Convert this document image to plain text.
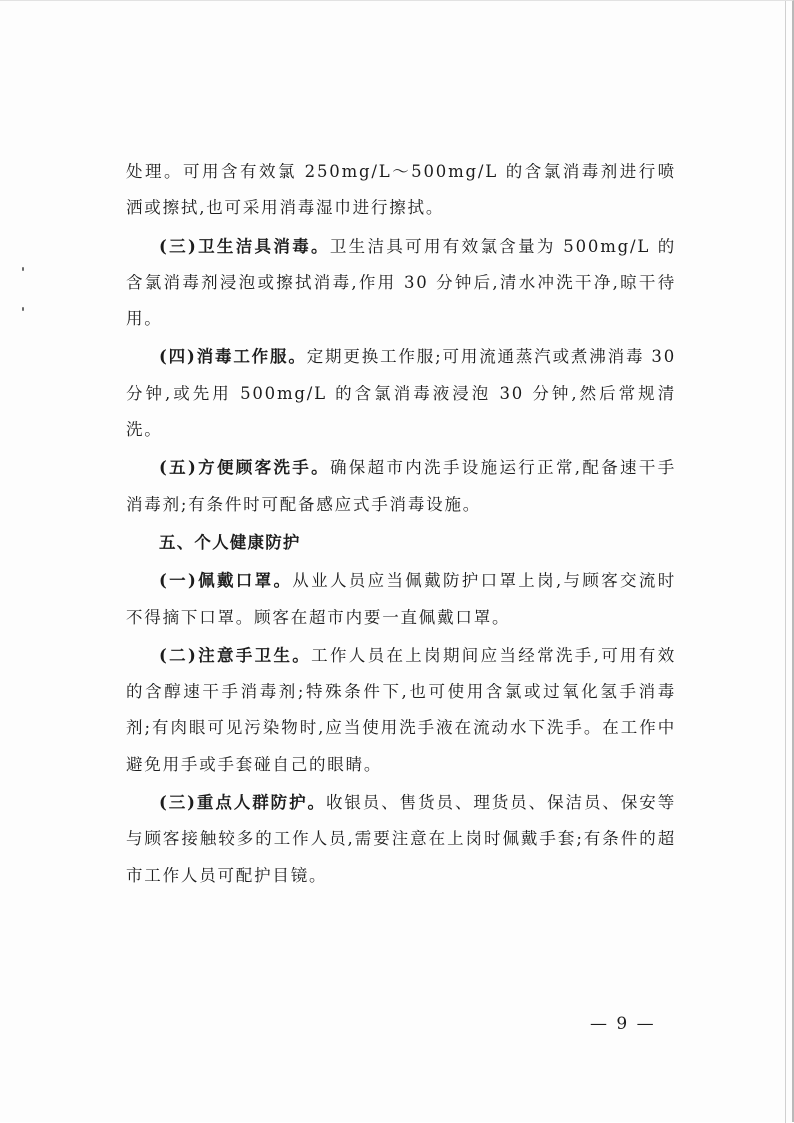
处理。可用含有效氯 250mg/L～500mg/L 的含氯消毒剂进行喷洒或擦拭,也可采用消毒湿巾进行擦拭。

(三)卫生洁具消毒。卫生洁具可用有效氯含量为 500mg/L 的含氯消毒剂浸泡或擦拭消毒,作用 30 分钟后,清水冲洗干净,晾干待用。

(四)消毒工作服。定期更换工作服;可用流通蒸汽或煮沸消毒 30 分钟,或先用 500mg/L 的含氯消毒液浸泡 30 分钟,然后常规清洗。

(五)方便顾客洗手。确保超市内洗手设施运行正常,配备速干手消毒剂;有条件时可配备感应式手消毒设施。

五、个人健康防护

(一)佩戴口罩。从业人员应当佩戴防护口罩上岗,与顾客交流时不得摘下口罩。顾客在超市内要一直佩戴口罩。

(二)注意手卫生。工作人员在上岗期间应当经常洗手,可用有效的含醇速干手消毒剂;特殊条件下,也可使用含氯或过氧化氢手消毒剂;有肉眼可见污染物时,应当使用洗手液在流动水下洗手。在工作中避免用手或手套碰自己的眼睛。

(三)重点人群防护。收银员、售货员、理货员、保洁员、保安等与顾客接触较多的工作人员,需要注意在上岗时佩戴手套;有条件的超市工作人员可配护目镜。

— 9 —
